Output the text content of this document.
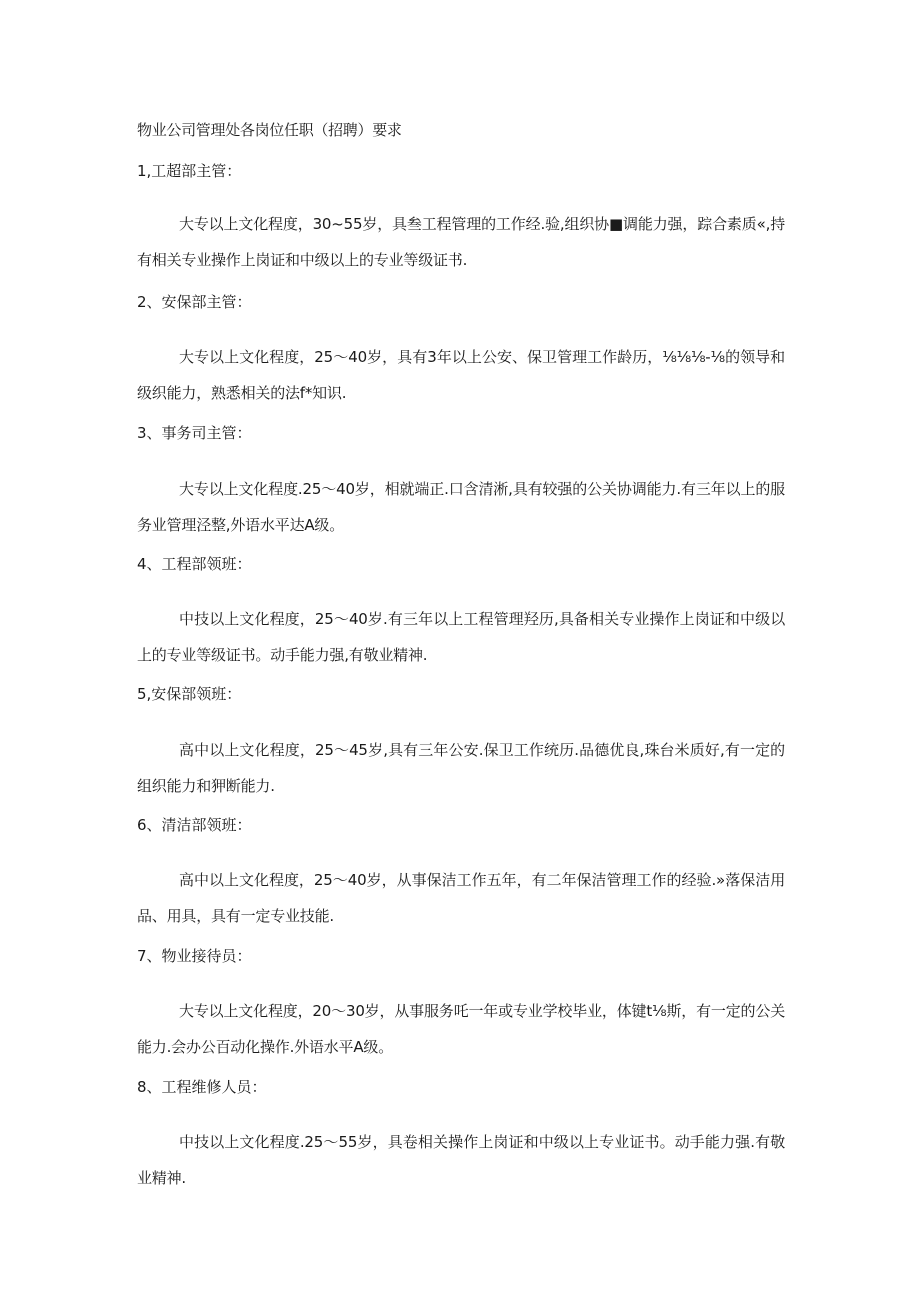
物业公司管理处各岗位任职（招聘）要求
1,工超部主管：
大专以上文化程度，30~55岁，具叁工程管理的工作经.验,组织协■调能力强，踪合素质«,持有相关专业操作上岗证和中级以上的专业等级证书.
2、安保部主管：
大专以上文化程度，25～40岁，具有3年以上公安、保卫管理工作龄历，⅛⅛⅛-⅛的领导和级织能力，熟悉相关的法f*知识.
3、事务司主管：
大专以上文化程度.25～40岁，相就端正.口含清淅,具有较强的公关协调能力.有三年以上的服务业管理泾整,外语水平达A级。
4、工程部领班：
中技以上文化程度，25～40岁.有三年以上工程管理羟历,具备相关专业操作上岗证和中级以上的专业等级证书。动手能力强,有敬业精神.
5,安保部领班：
高中以上文化程度，25～45岁,具有三年公安.保卫工作统历.品德优良,珠台米质好,有一定的组织能力和狎断能力.
6、清洁部领班：
高中以上文化程度，25～40岁，从事保洁工作五年，有二年保洁管理工作的经验.»落保洁用品、用具，具有一定专业技能.
7、物业接待员：
大专以上文化程度，20～30岁，从事服务吒一年或专业学校毕业，体键t⅛斯，有一定的公关能力.会办公百动化操作.外语水平A级。
8、工程维修人员：
中技以上文化程度.25～55岁，具卷相关操作上岗证和中级以上专业证书。动手能力强.有敬业精神.
